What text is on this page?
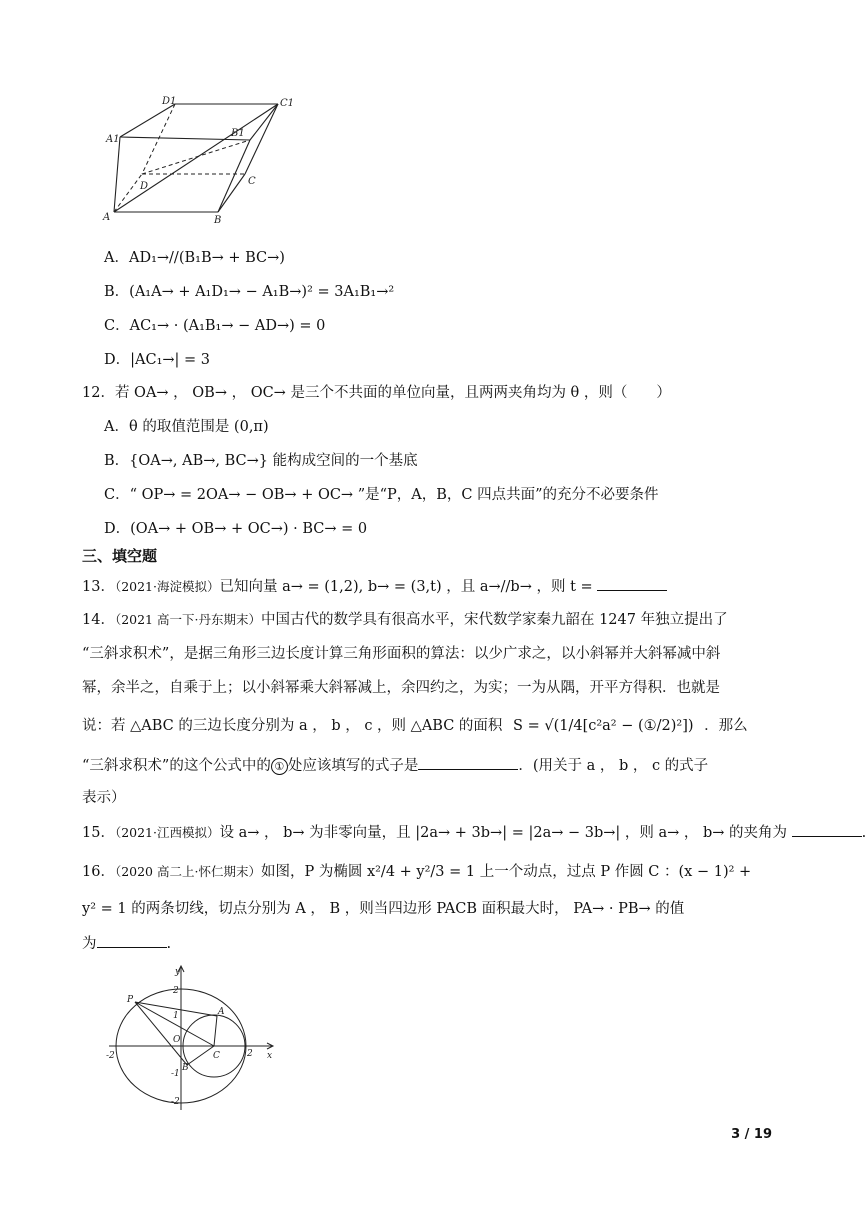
D1	C1
A1
B1
D	C
A	B
A．AD₁→//(B₁B→ + BC→)
B．(A₁A→ + A₁D₁→ − A₁B→)² = 3A₁B₁→²
C．AC₁→ · (A₁B₁→ − AD→) = 0
D．|AC₁→| = 3
12．若 OA→ ， OB→ ， OC→ 是三个不共面的单位向量，且两两夹角均为 θ ，则（　　）
A．θ 的取值范围是 (0,π)
B．{OA→, AB→, BC→} 能构成空间的一个基底
C．“ OP→ = 2OA→ − OB→ + OC→ ”是“P，A，B，C 四点共面”的充分不必要条件
D．(OA→ + OB→ + OC→) · BC→ = 0
三、填空题
13．（2021·海淀模拟）已知向量 a→ = (1,2), b→ = (3,t) ，且 a→//b→ ，则 t =
14．（2021 高一下·丹东期末）中国古代的数学具有很高水平，宋代数学家秦九韶在 1247 年独立提出了
“三斜求积术”，是据三角形三边长度计算三角形面积的算法：以少广求之，以小斜幂并大斜幂减中斜
幂，余半之，自乘于上；以小斜幂乘大斜幂减上，余四约之，为实；一为从隅，开平方得积．也就是
说：若 △ABC 的三边长度分别为 a ， b ， c ，则 △ABC 的面积 S = √(1/4[c²a² − (①/2)²]) ．那么
“三斜求积术”的这个公式中的 ① 处应该填写的式子是	．(用关于 a ， b ， c 的式子
表示）
15．（2021·江西模拟）设 a→ ， b→ 为非零向量，且 |2a→ + 3b→| = |2a→ − 3b→| ，则 a→ ， b→ 的夹角为	.
16．（2020 高二上·怀仁期末）如图，P 为椭圆 x²/4 + y²/3 = 1 上一个动点，过点 P 作圆 C ：(x − 1)² +
y² = 1 的两条切线，切点分别为 A ， B ，则当四边形 PACB 面积最大时， PA→ · PB→ 的值
为	.
y
2
1
P
A
O
C	2 x
-2
B
-1
-2
3 / 19
